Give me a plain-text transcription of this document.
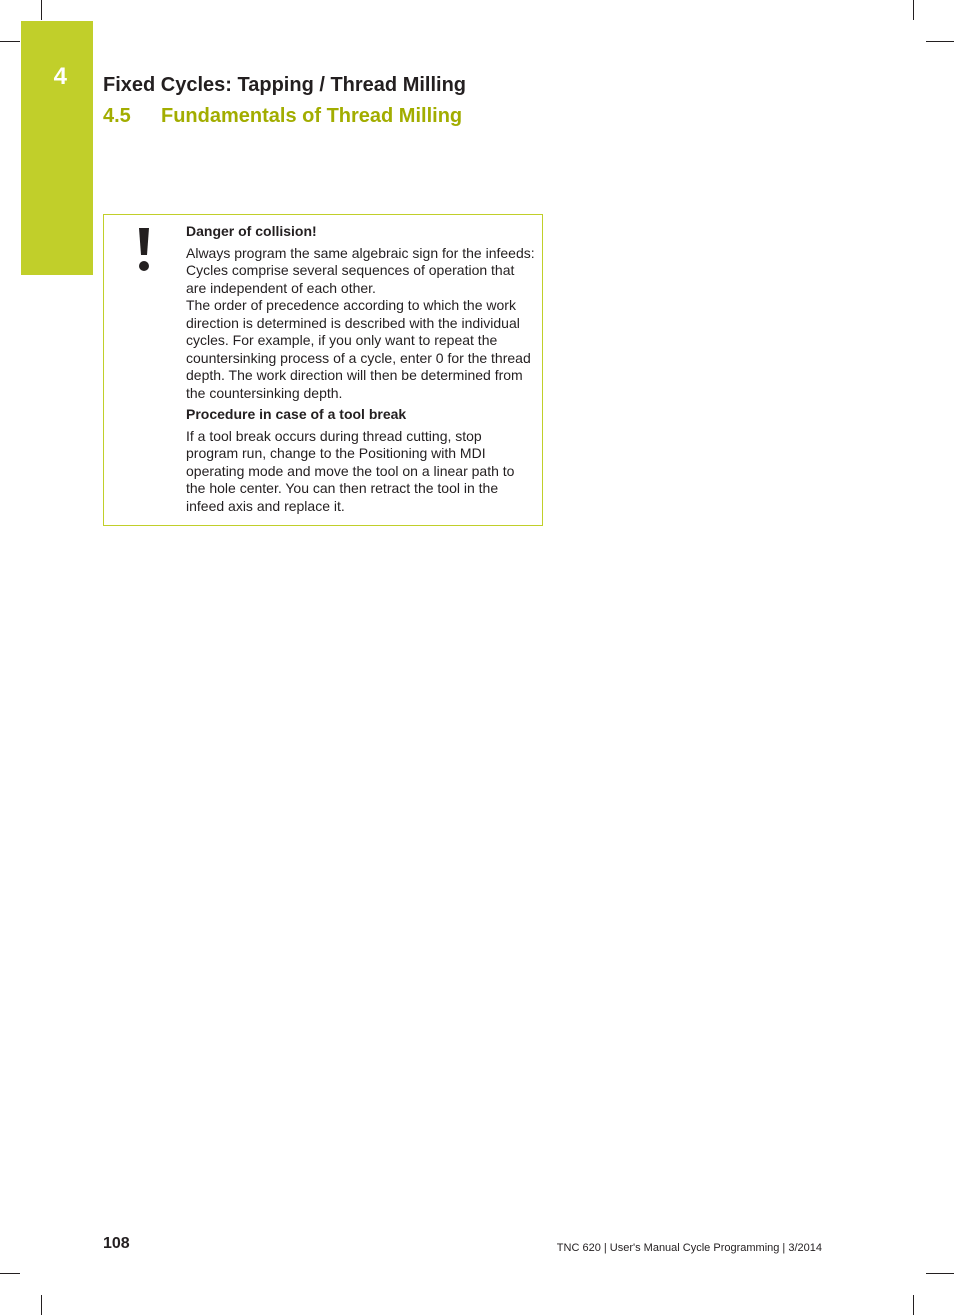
4 Fixed Cycles: Tapping / Thread Milling
4.5 Fundamentals of Thread Milling
Danger of collision!
Always program the same algebraic sign for the infeeds: Cycles comprise several sequences of operation that are independent of each other.
The order of precedence according to which the work direction is determined is described with the individual cycles. For example, if you only want to repeat the countersinking process of a cycle, enter 0 for the thread depth. The work direction will then be determined from the countersinking depth.
Procedure in case of a tool break
If a tool break occurs during thread cutting, stop program run, change to the Positioning with MDI operating mode and move the tool on a linear path to the hole center. You can then retract the tool in the infeed axis and replace it.
108	TNC 620 | User's Manual Cycle Programming | 3/2014
